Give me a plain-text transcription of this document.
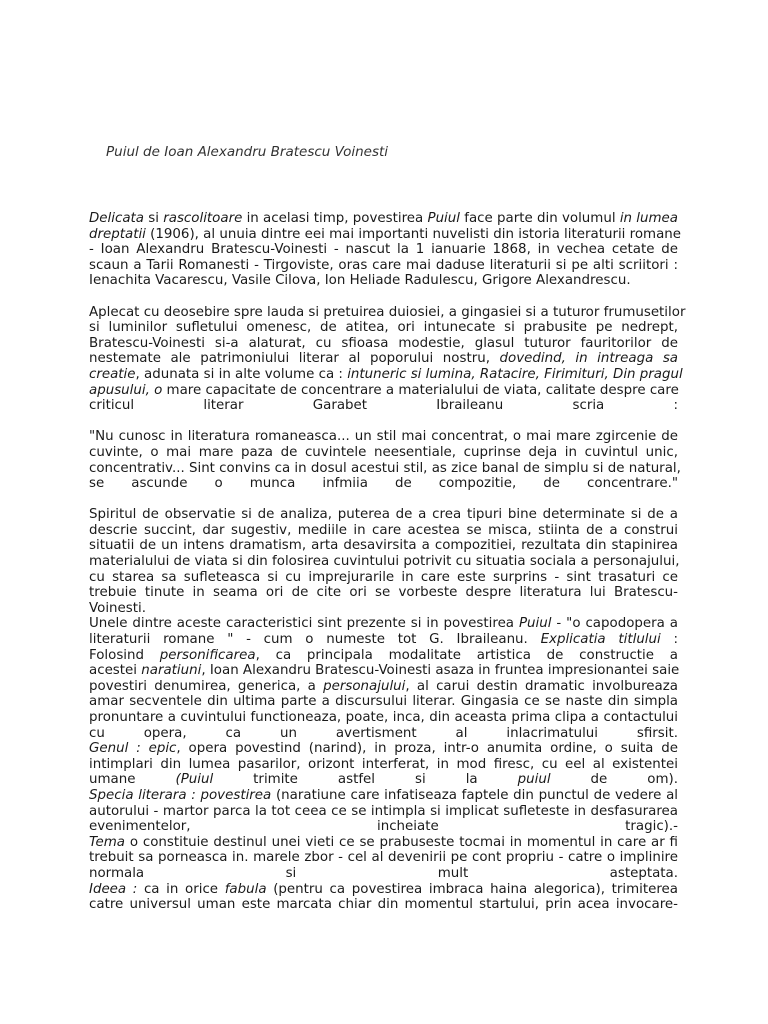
Puiul de Ioan Alexandru Bratescu Voinesti
Delicata si rascolitoare in acelasi timp, povestirea Puiul face parte din volumul in lumea
dreptatii (1906), al unuia dintre eei mai importanti nuvelisti din istoria literaturii romane
- Ioan Alexandru Bratescu-Voinesti - nascut la 1 ianuarie 1868, in vechea cetate de
scaun a Tarii Romanesti - Tirgoviste, oras care mai daduse literaturii si pe alti scriitori :
Ienachita Vacarescu, Vasile Cilova, Ion Heliade Radulescu, Grigore Alexandrescu.
Aplecat cu deosebire spre lauda si pretuirea duiosiei, a gingasiei si a tuturor frumusetilor
si luminilor sufletului omenesc, de atitea, ori intunecate si prabusite pe nedrept,
Bratescu-Voinesti si-a alaturat, cu sfioasa modestie, glasul tuturor fauritorilor de
nestemate ale patrimoniului literar al poporului nostru, dovedind, in intreaga sa
creatie, adunata si in alte volume ca : intuneric si lumina, Ratacire, Firimituri, Din pragul
apusului, o mare capacitate de concentrare a materialului de viata, calitate despre care
criticul literar Garabet Ibraileanu scria :
"Nu cunosc in literatura romaneasca... un stil mai concentrat, o mai mare zgircenie de
cuvinte, o mai mare paza de cuvintele neesentiale, cuprinse deja in cuvintul unic,
concentrativ... Sint convins ca in dosul acestui stil, as zice banal de simplu si de natural,
se ascunde o munca infmiia de compozitie, de concentrare."
Spiritul de observatie si de analiza, puterea de a crea tipuri bine determinate si de a
descrie succint, dar sugestiv, mediile in care acestea se misca, stiinta de a construi
situatii de un intens dramatism, arta desavirsita a compozitiei, rezultata din stapinirea
materialului de viata si din folosirea cuvintului potrivit cu situatia sociala a personajului,
cu starea sa sufleteasca si cu imprejurarile in care este surprins - sint trasaturi ce
trebuie tinute in seama ori de cite ori se vorbeste despre literatura lui Bratescu-
Voinesti.
Unele dintre aceste caracteristici sint prezente si in povestirea Puiul - "o capodopera a
literaturii romane " - cum o numeste tot G. Ibraileanu. Explicatia titlului :
Folosind personificarea, ca principala modalitate artistica de constructie a
acestei naratiuni, Ioan Alexandru Bratescu-Voinesti asaza in fruntea impresionantei saie
povestiri denumirea, generica, a personajului, al carui destin dramatic involbureaza
amar secventele din ultima parte a discursului literar. Gingasia ce se naste din simpla
pronuntare a cuvintului functioneaza, poate, inca, din aceasta prima clipa a contactului
cu opera, ca un avertisment al inlacrimatului sfirsit.
Genul : epic, opera povestind (narind), in proza, intr-o anumita ordine, o suita de
intimplari din lumea pasarilor, orizont interferat, in mod firesc, cu eel al existentei
umane (Puiul trimite astfel si la puiul de om).
Specia literara : povestirea (naratiune care infatiseaza faptele din punctul de vedere al
autorului - martor parca la tot ceea ce se intimpla si implicat sufleteste in desfasurarea
evenimentelor, incheiate tragic).-
Tema o constituie destinul unei vieti ce se prabuseste tocmai in momentul in care ar fi
trebuit sa porneasca in. marele zbor - cel al devenirii pe cont propriu - catre o implinire
normala si mult asteptata.
Ideea : ca in orice fabula (pentru ca povestirea imbraca haina alegorica), trimiterea
catre universul uman este marcata chiar din momentul startului, prin acea invocare-
